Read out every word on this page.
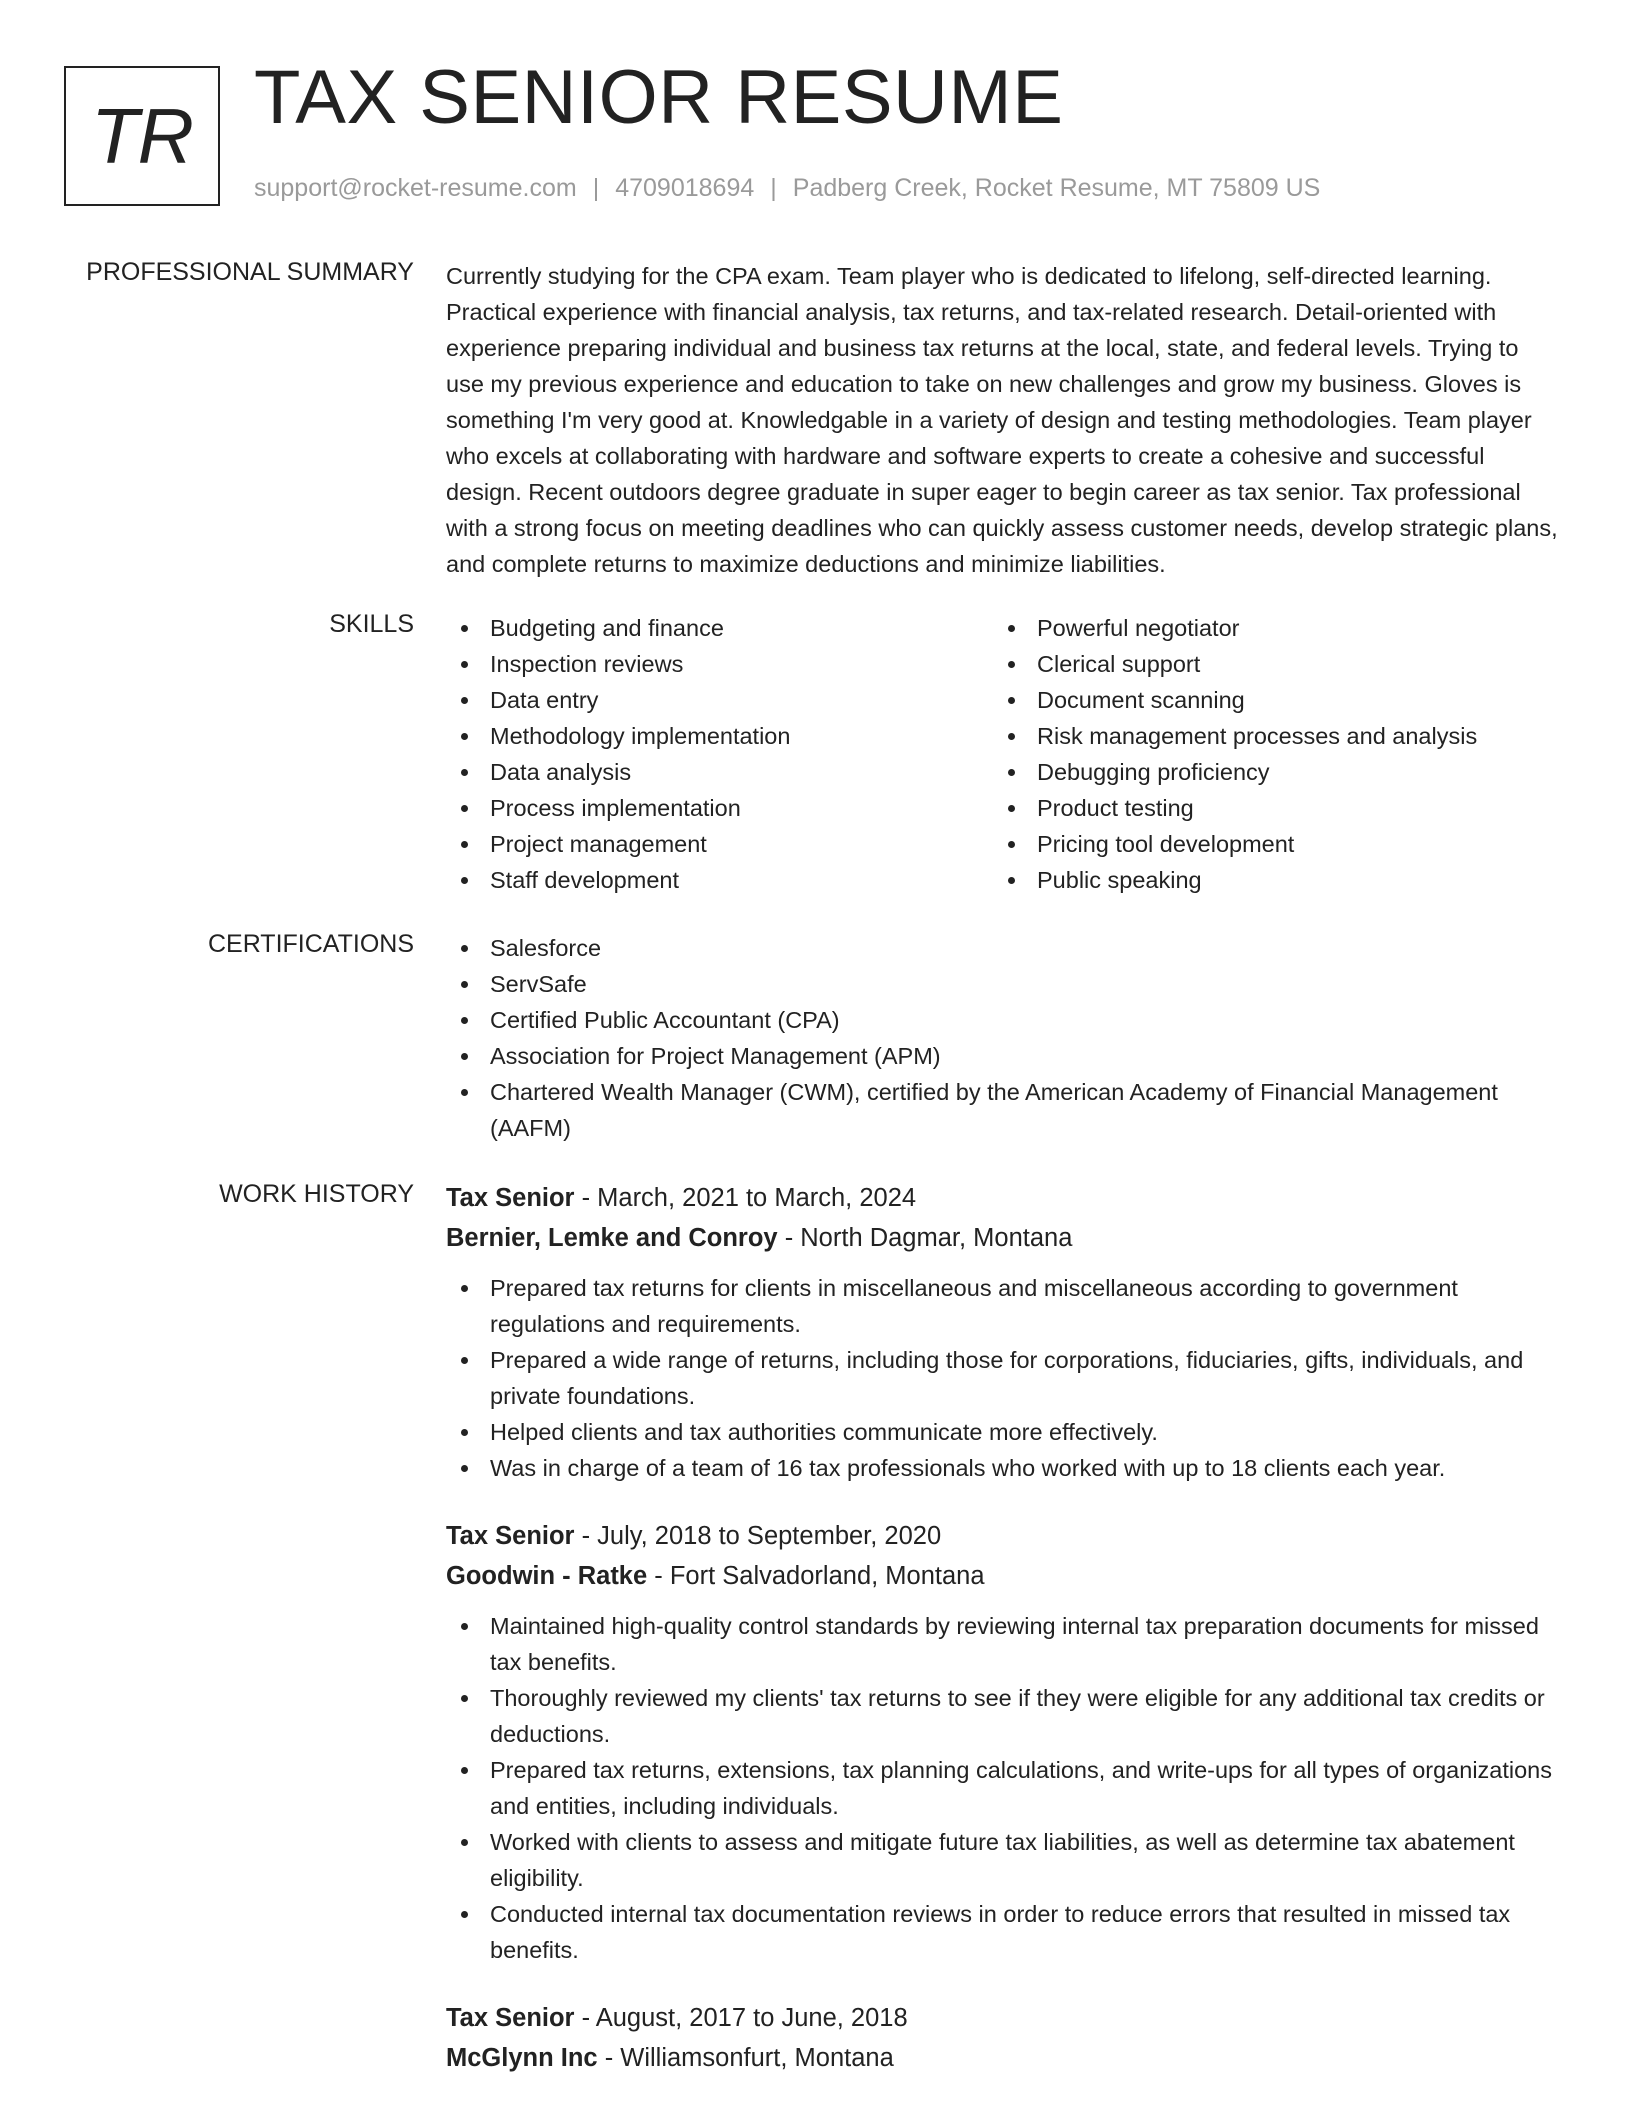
TR TAX SENIOR RESUME
support@rocket-resume.com | 4709018694 | Padberg Creek, Rocket Resume, MT 75809 US
PROFESSIONAL SUMMARY Currently studying for the CPA exam. Team player who is dedicated to lifelong, self-directed learning. Practical experience with financial analysis, tax returns, and tax-related research. Detail-oriented with experience preparing individual and business tax returns at the local, state, and federal levels. Trying to use my previous experience and education to take on new challenges and grow my business. Gloves is something I'm very good at. Knowledgable in a variety of design and testing methodologies. Team player who excels at collaborating with hardware and software experts to create a cohesive and successful design. Recent outdoors degree graduate in super eager to begin career as tax senior. Tax professional with a strong focus on meeting deadlines who can quickly assess customer needs, develop strategic plans, and complete returns to maximize deductions and minimize liabilities.

SKILLS	Budgeting and finance
Inspection reviews
Data entry
Methodology implementation
Data analysis
Process implementation
Project management
Staff development
Powerful negotiator
Clerical support
Document scanning
Risk management processes and analysis
Debugging proficiency
Product testing
Pricing tool development
Public speaking
CERTIFICATIONS	Salesforce
ServSafe
Certified Public Accountant (CPA)
Association for Project Management (APM)
Chartered Wealth Manager (CWM), certified by the American Academy of Financial Management (AAFM)
WORK HISTORY Tax Senior - March, 2021 to March, 2024
Bernier, Lemke and Conroy - North Dagmar, Montana
Prepared tax returns for clients in miscellaneous and miscellaneous according to government regulations and requirements.
Prepared a wide range of returns, including those for corporations, fiduciaries, gifts, individuals, and private foundations.
Helped clients and tax authorities communicate more effectively.
Was in charge of a team of 16 tax professionals who worked with up to 18 clients each year.
Tax Senior - July, 2018 to September, 2020
Goodwin - Ratke - Fort Salvadorland, Montana
Maintained high-quality control standards by reviewing internal tax preparation documents for missed tax benefits.
Thoroughly reviewed my clients' tax returns to see if they were eligible for any additional tax credits or deductions.
Prepared tax returns, extensions, tax planning calculations, and write-ups for all types of organizations and entities, including individuals.
Worked with clients to assess and mitigate future tax liabilities, as well as determine tax abatement eligibility.
Conducted internal tax documentation reviews in order to reduce errors that resulted in missed tax benefits.
Tax Senior - August, 2017 to June, 2018
McGlynn Inc - Williamsonfurt, Montana
